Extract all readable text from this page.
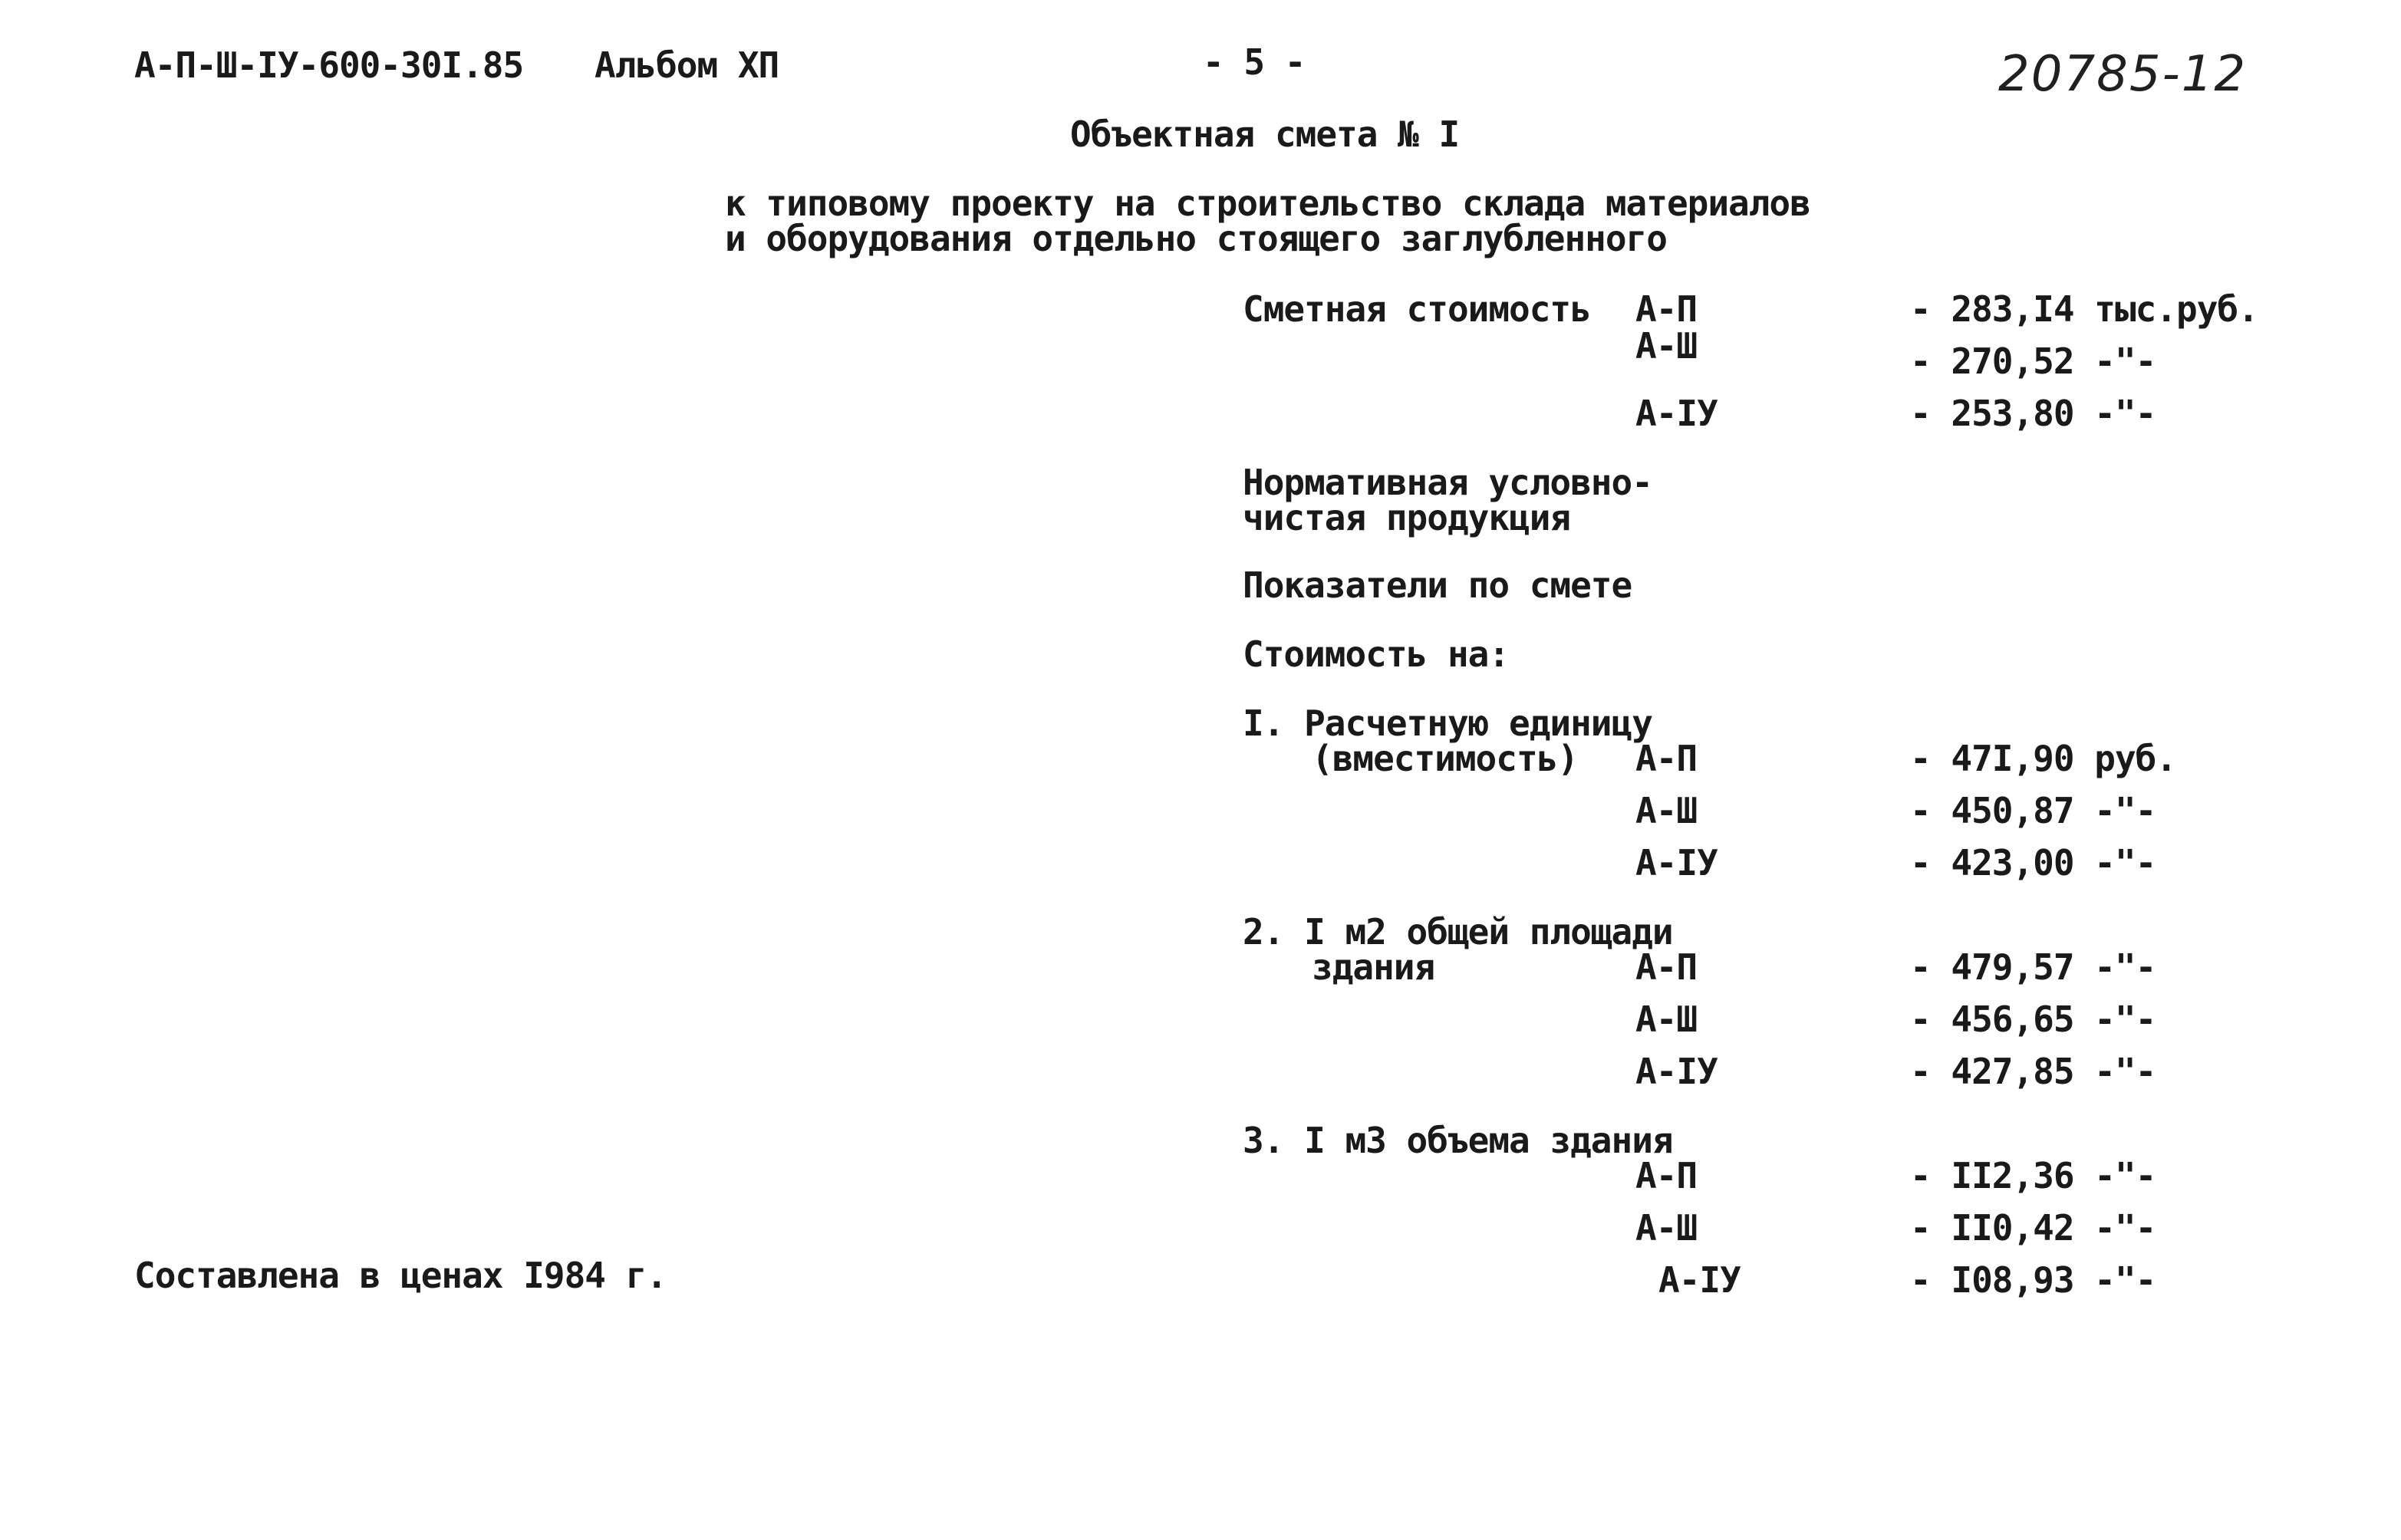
А-П-Ш-IУ-600-30I.85 Альбом ХП	- 5 -	20785-12
Объектная смета № I
к типовому проекту на строительство склада материалов
и оборудования отдельно стоящего заглубленного
Сметная стоимость А-П	- 283,I4 тыс.руб.
А-Ш	- 270,52 -"-
А-IУ	- 253,80 -"-
Нормативная условно-
чистая продукция
Показатели по смете
Стоимость на:
I. Расчетную единицу
(вместимость) А-П	- 47I,90 руб.
А-Ш	- 450,87 -"-
А-IУ	- 423,00 -"-
2. I м2 общей площади
здания	А-П	- 479,57 -"-
А-Ш	- 456,65 -"-
А-IУ	- 427,85 -"-
3. I м3 объема здания
А-П	- II2,36 -"-
А-Ш	- II0,42 -"-
А-IУ	- I08,93 -"-
Составлена в ценах I984 г.
